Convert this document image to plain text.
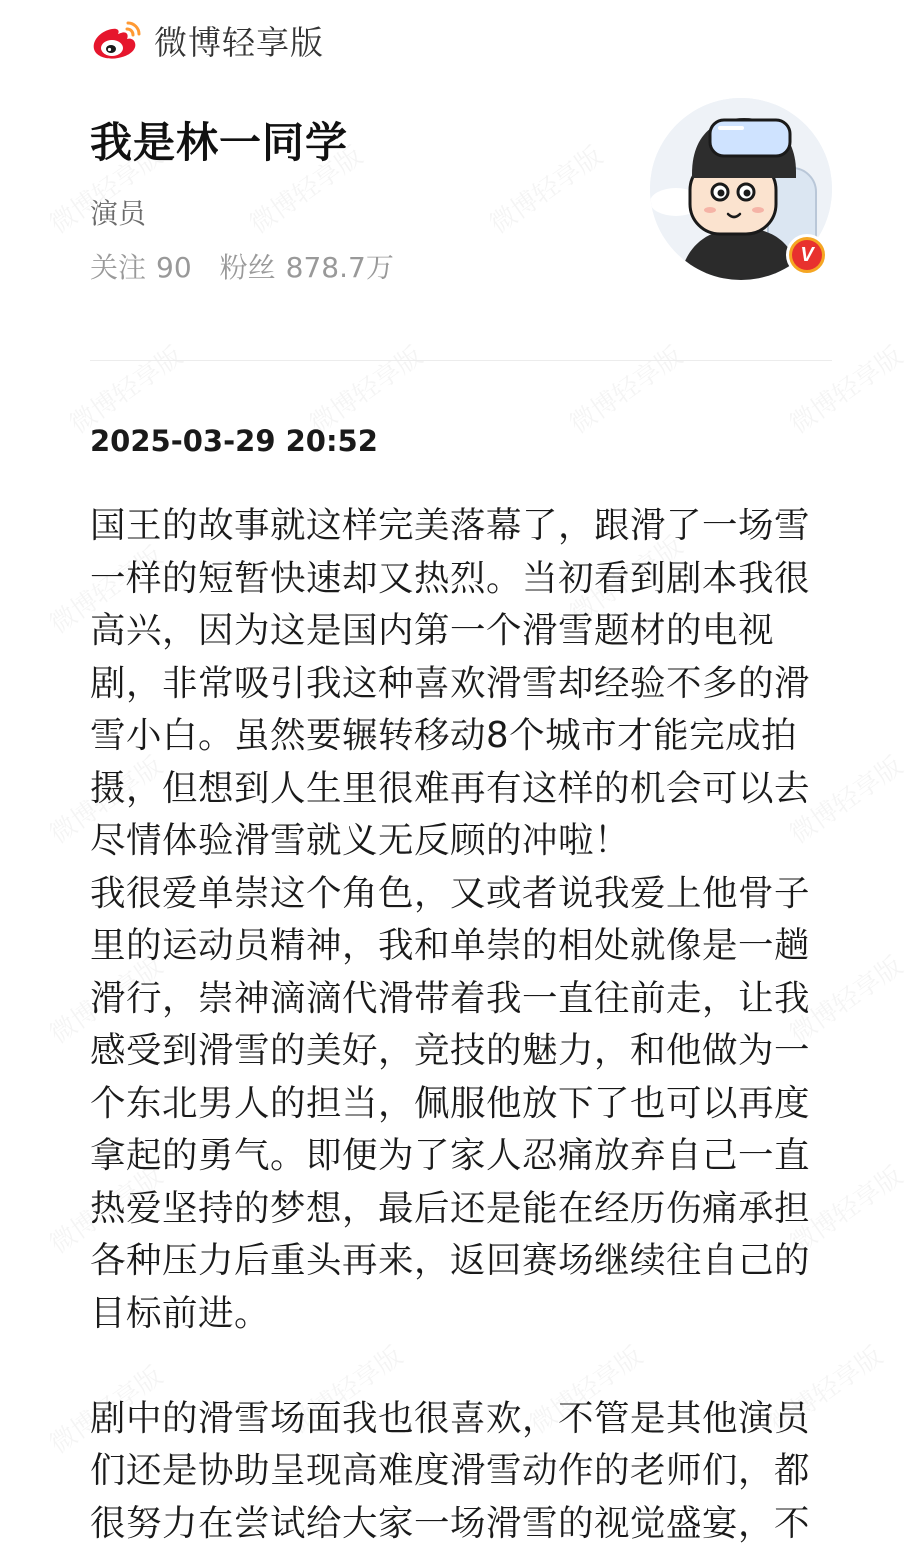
微博轻享版
我是林一同学
演员
关注 90 粉丝 878.7万	V
2025-03-29 20:52

国王的故事就这样完美落幕了，跟滑了一场雪

一样的短暂快速却又热烈。当初看到剧本我很

高兴，因为这是国内第一个滑雪题材的电视

剧，非常吸引我这种喜欢滑雪却经验不多的滑

雪小白。虽然要辗转移动8个城市才能完成拍

摄，但想到人生里很难再有这样的机会可以去

尽情体验滑雪就义无反顾的冲啦！

我很爱单崇这个角色，又或者说我爱上他骨子

里的运动员精神，我和单崇的相处就像是一趟

滑行，崇神滴滴代滑带着我一直往前走，让我

感受到滑雪的美好，竞技的魅力，和他做为一

个东北男人的担当，佩服他放下了也可以再度

拿起的勇气。即便为了家人忍痛放弃自己一直

热爱坚持的梦想，最后还是能在经历伤痛承担

各种压力后重头再来，返回赛场继续往自己的

目标前进。

剧中的滑雪场面我也很喜欢，不管是其他演员

们还是协助呈现高难度滑雪动作的老师们，都

很努力在尝试给大家一场滑雪的视觉盛宴，不
